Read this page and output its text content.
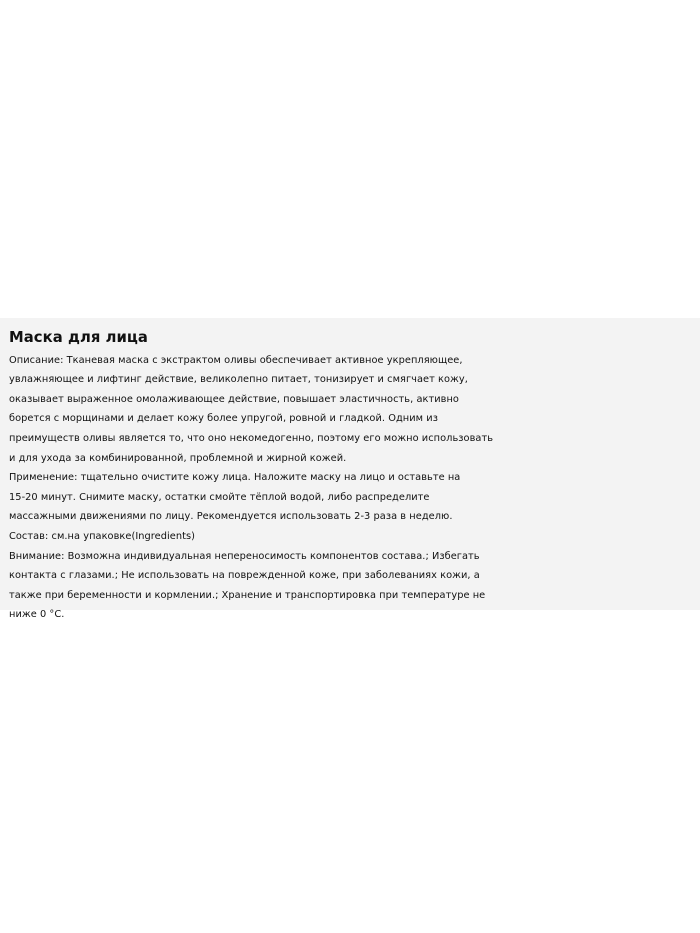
Маска для лица
Описание: Тканевая маска с экстрактом оливы обеспечивает активное укрепляющее,
увлажняющее и лифтинг действие, великолепно питает, тонизирует и смягчает кожу,
оказывает выраженное омолаживающее действие, повышает эластичность, активно
борется с морщинами и делает кожу более упругой, ровной и гладкой. Одним из
преимуществ оливы является то, что оно некомедогенно, поэтому его можно использовать
и для ухода за комбинированной, проблемной и жирной кожей.
Применение: тщательно очистите кожу лица. Наложите маску на лицо и оставьте на
15-20 минут. Снимите маску, остатки смойте тёплой водой, либо распределите
массажными движениями по лицу. Рекомендуется использовать 2-3 раза в неделю.
Состав: см.на упаковке(Ingredients)
Внимание: Возможна индивидуальная непереносимость компонентов состава.; Избегать
контакта с глазами.; Не использовать на поврежденной коже, при заболеваниях кожи, а
также при беременности и кормлении.; Хранение и транспортировка при температуре не
ниже 0 °С.
